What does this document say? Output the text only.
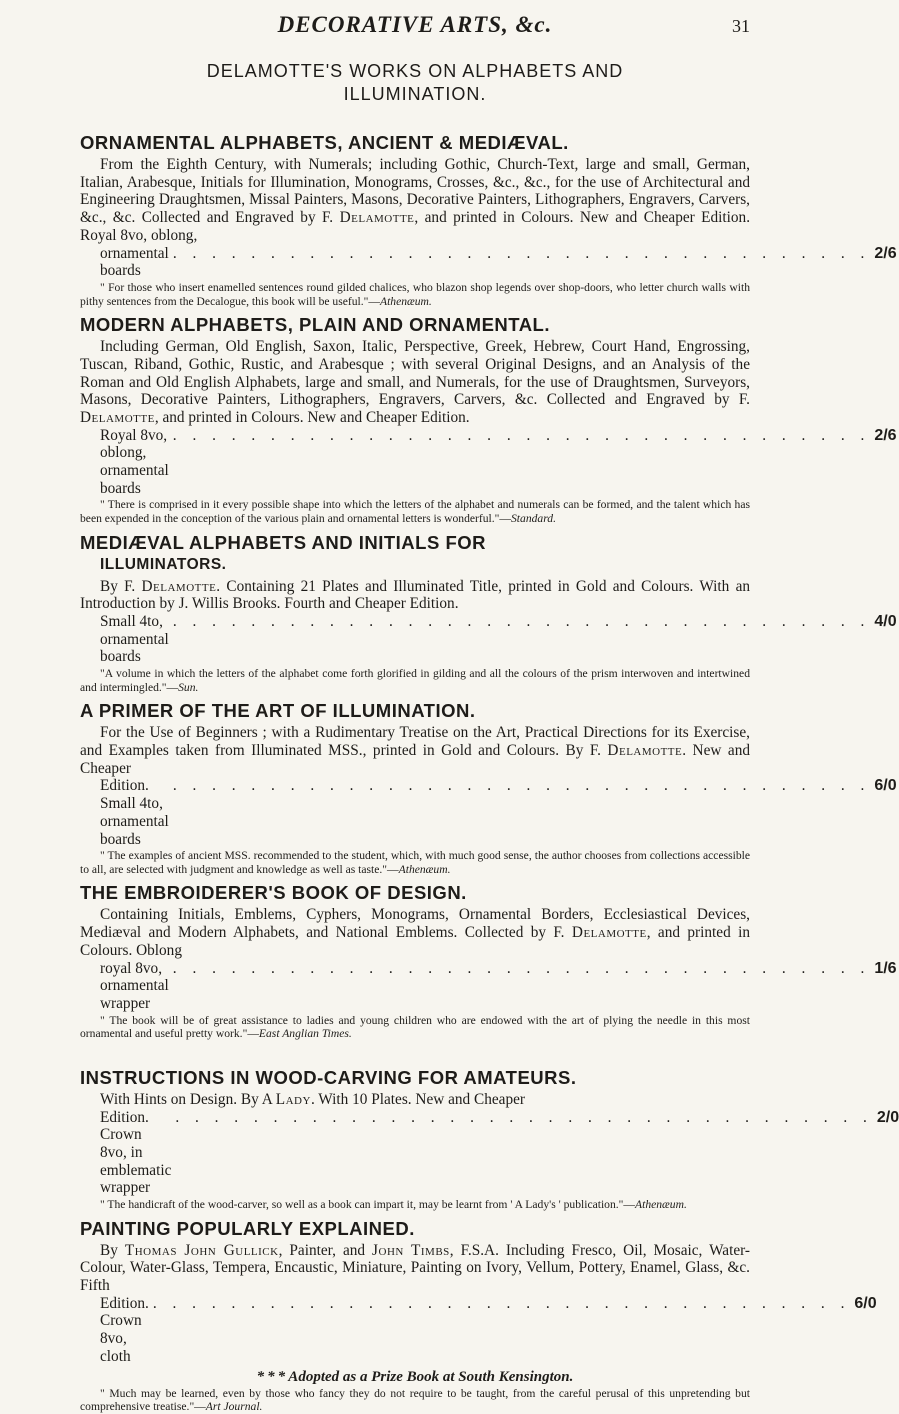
DECORATIVE ARTS, &c.	31
DELAMOTTE'S WORKS ON ALPHABETS AND
ILLUMINATION.
ORNAMENTAL ALPHABETS, ANCIENT & MEDIÆVAL.

From the Eighth Century, with Numerals; including Gothic, Church-Text, large and small, German, Italian, Arabesque, Initials for Illumination, Monograms, Crosses, &c., &c., for the use of Architectural and Engineering Draughtsmen, Missal Painters, Masons, Decorative Painters, Lithographers, Engravers, Carvers, &c., &c. Collected and Engraved by F. Delamotte, and printed in Colours. New and Cheaper Edition. Royal 8vo, oblong,

ornamental boards
. . . . . . . . . . . . . . . . . . . . . . . . . . . . . . . . . . . . 2/6

" For those who insert enamelled sentences round gilded chalices, who blazon shop legends over shop-doors, who letter church walls with pithy sentences from the Decalogue, this book will be useful."—Athenæum.

MODERN ALPHABETS, PLAIN AND ORNAMENTAL.

Including German, Old English, Saxon, Italic, Perspective, Greek, Hebrew, Court Hand, Engrossing, Tuscan, Riband, Gothic, Rustic, and Arabesque ; with several Original Designs, and an Analysis of the Roman and Old English Alphabets, large and small, and Numerals, for the use of Draughtsmen, Surveyors, Masons, Decorative Painters, Lithographers, Engravers, Carvers, &c. Collected and Engraved by F. Delamotte, and printed in Colours. New and Cheaper Edition.

Royal 8vo, oblong, ornamental boards
. . . . . . . . . . . . . . . . . . . . . . . . . . . . . . . . . . . . 2/6

" There is comprised in it every possible shape into which the letters of the alphabet and numerals can be formed, and the talent which has been expended in the conception of the various plain and ornamental letters is wonderful."—Standard.

MEDIÆVAL ALPHABETS AND INITIALS FOR
ILLUMINATORS.

By F. Delamotte. Containing 21 Plates and Illuminated Title, printed in Gold and Colours. With an Introduction by J. Willis Brooks. Fourth and Cheaper Edition.

Small 4to, ornamental boards
. . . . . . . . . . . . . . . . . . . . . . . . . . . . . . . . . . . . 4/0

"A volume in which the letters of the alphabet come forth glorified in gilding and all the colours of the prism interwoven and intertwined and intermingled."—Sun.

A PRIMER OF THE ART OF ILLUMINATION.

For the Use of Beginners ; with a Rudimentary Treatise on the Art, Practical Directions for its Exercise, and Examples taken from Illuminated MSS., printed in Gold and Colours. By F. Delamotte. New and Cheaper

Edition. Small 4to, ornamental boards
. . . . . . . . . . . . . . . . . . . . . . . . . . . . . . . . . . . . 6/0

" The examples of ancient MSS. recommended to the student, which, with much good sense, the author chooses from collections accessible to all, are selected with judgment and knowledge as well as taste."—Athenæum.

THE EMBROIDERER'S BOOK OF DESIGN.

Containing Initials, Emblems, Cyphers, Monograms, Ornamental Borders, Ecclesiastical Devices, Mediæval and Modern Alphabets, and National Emblems. Collected by F. Delamotte, and printed in Colours. Oblong

royal 8vo, ornamental wrapper
. . . . . . . . . . . . . . . . . . . . . . . . . . . . . . . . . . . . 1/6

" The book will be of great assistance to ladies and young children who are endowed with the art of plying the needle in this most ornamental and useful pretty work."—East Anglian Times.

INSTRUCTIONS IN WOOD-CARVING FOR AMATEURS.

With Hints on Design. By A Lady. With 10 Plates. New and Cheaper

Edition. Crown 8vo, in emblematic wrapper
. . . . . . . . . . . . . . . . . . . . . . . . . . . . . . . . . . . . 2/0

" The handicraft of the wood-carver, so well as a book can impart it, may be learnt from ' A Lady's ' publication."—Athenæum.

PAINTING POPULARLY EXPLAINED.

By Thomas John Gullick, Painter, and John Timbs, F.S.A. Including Fresco, Oil, Mosaic, Water-Colour, Water-Glass, Tempera, Encaustic, Miniature, Painting on Ivory, Vellum, Pottery, Enamel, Glass, &c. Fifth

Edition. Crown 8vo, cloth
. . . . . . . . . . . . . . . . . . . . . . . . . . . . . . . . . . . . 6/0

* * * Adopted as a Prize Book at South Kensington.

" Much may be learned, even by those who fancy they do not require to be taught, from the careful perusal of this unpretending but comprehensive treatise."—Art Journal.
